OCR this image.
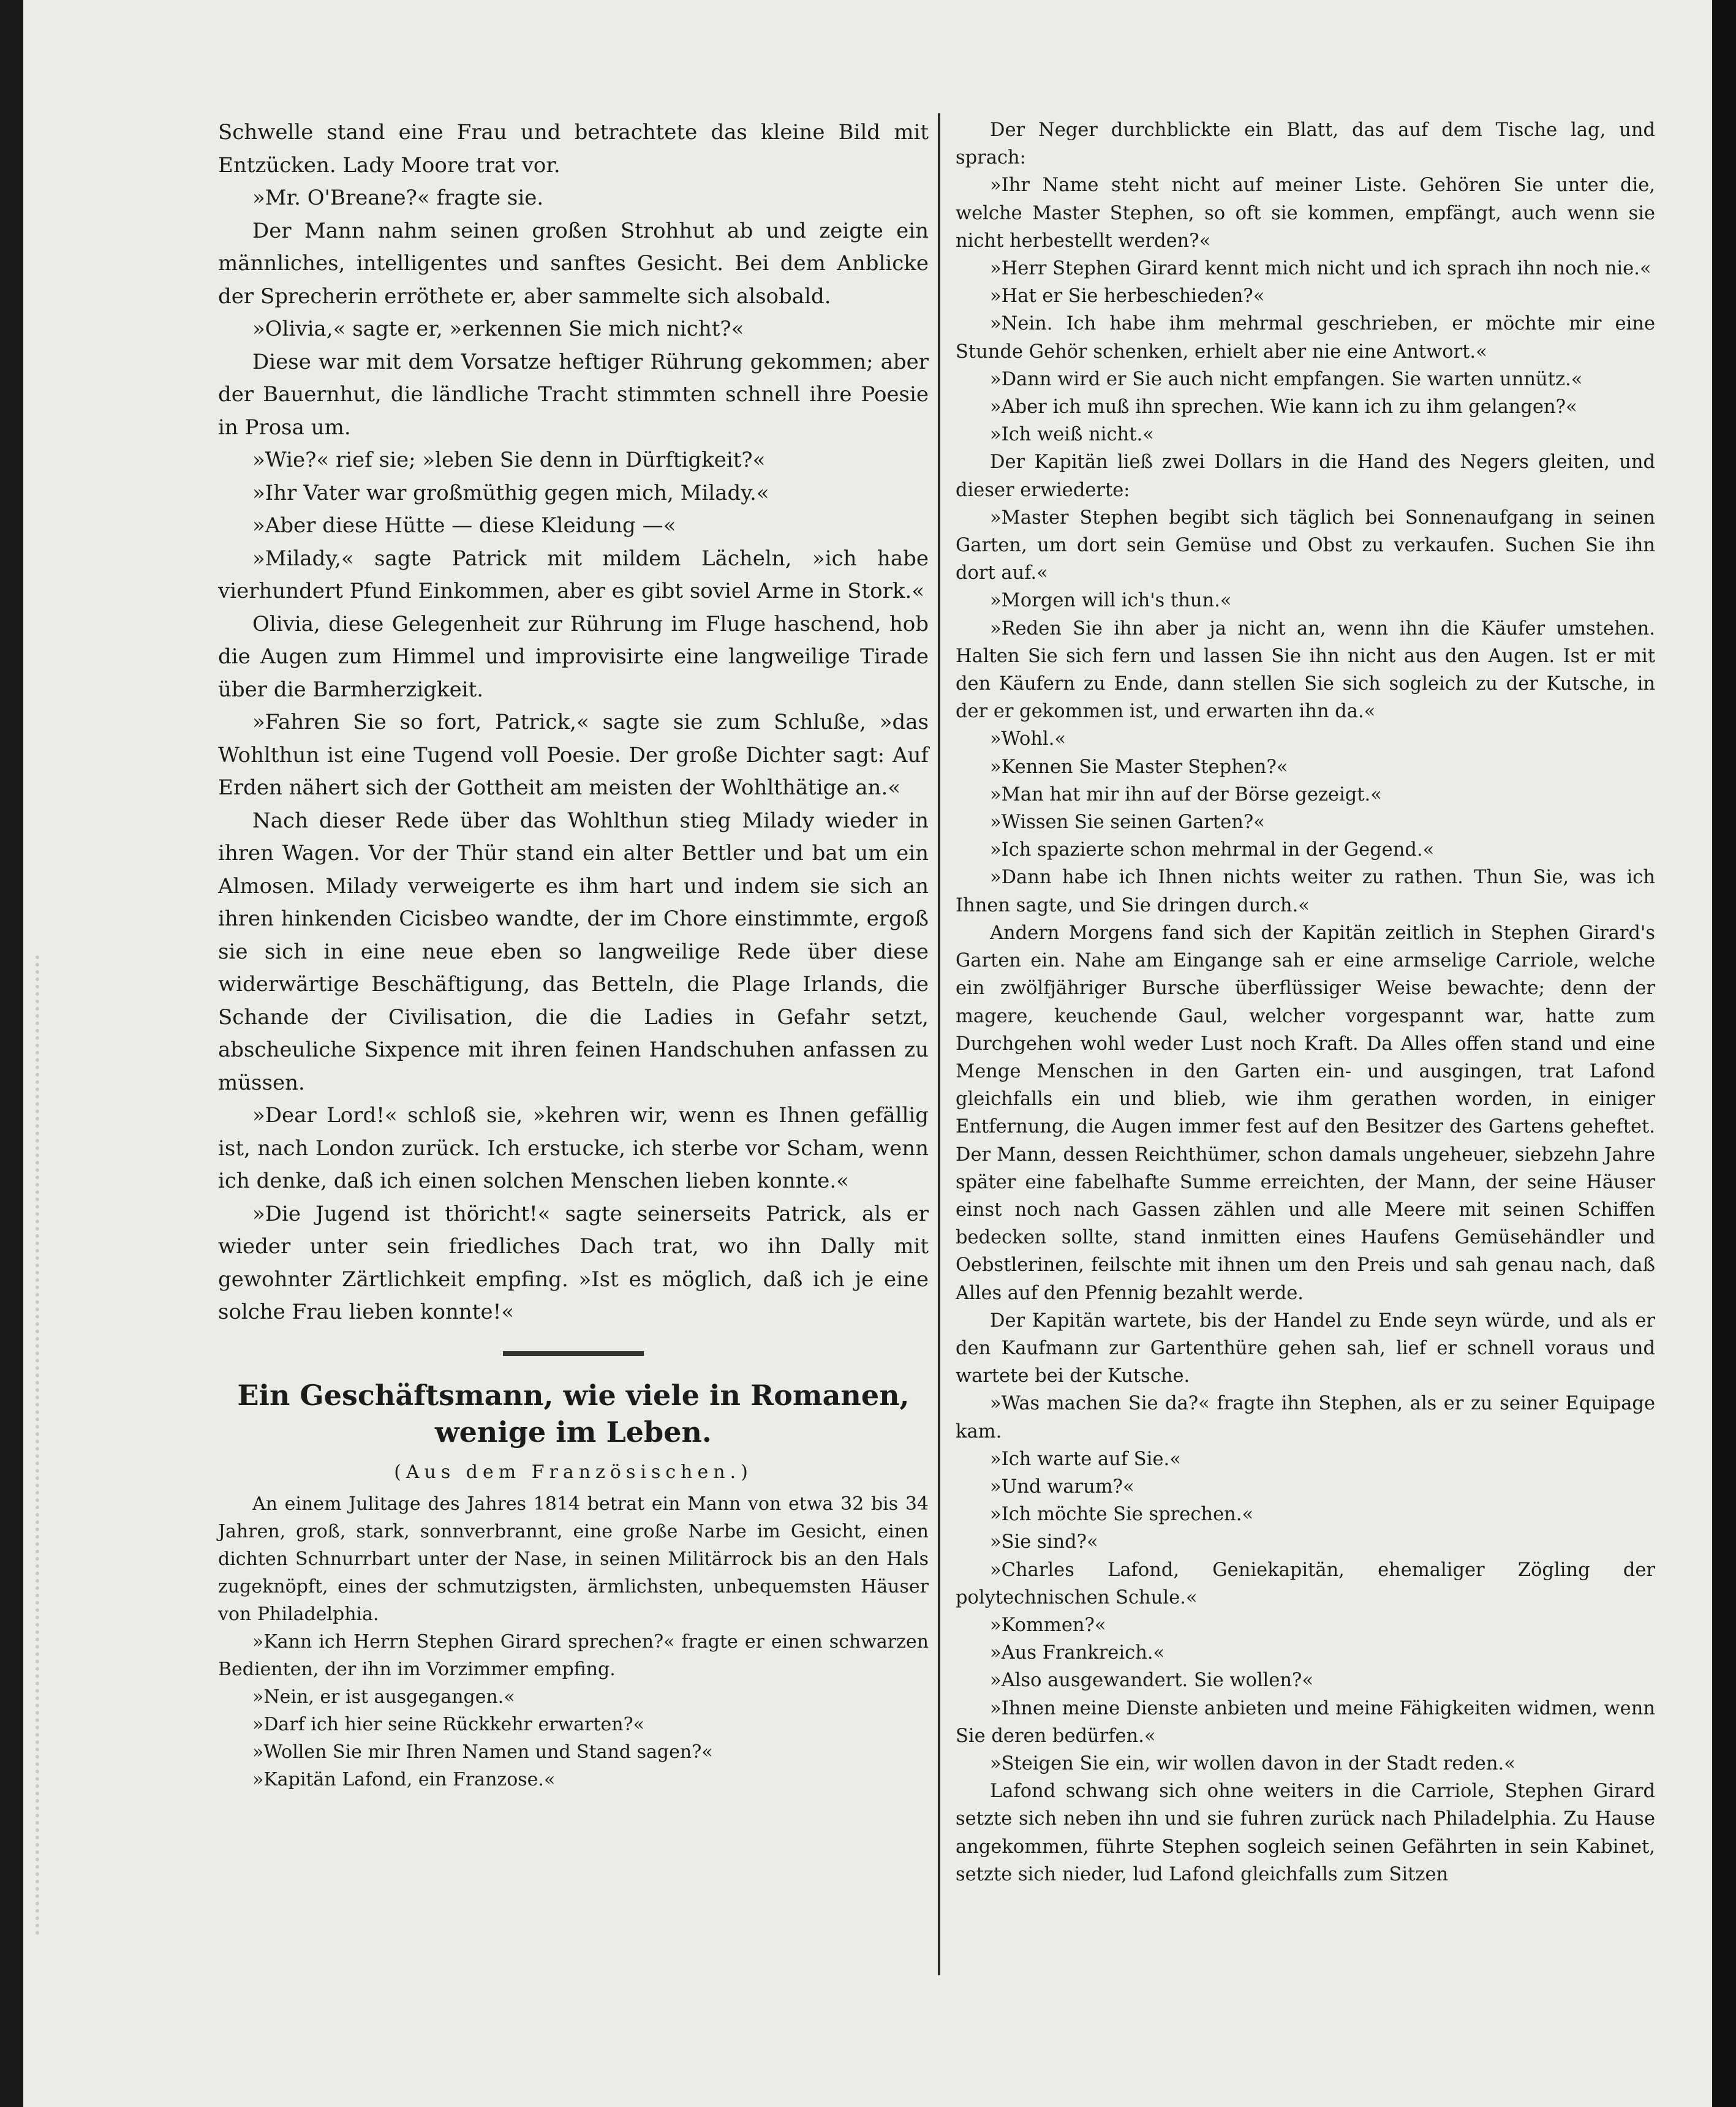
Schwelle stand eine Frau und betrachtete das kleine Bild mit Entzücken. Lady Moore trat vor.

»Mr. O'Breane?« fragte sie.

Der Mann nahm seinen großen Strohhut ab und zeigte ein männliches, intelligentes und sanftes Gesicht. Bei dem Anblicke der Sprecherin erröthete er, aber sammelte sich alsobald.

»Olivia,« sagte er, »erkennen Sie mich nicht?«

Diese war mit dem Vorsatze heftiger Rührung gekommen; aber der Bauernhut, die ländliche Tracht stimmten schnell ihre Poesie in Prosa um.

»Wie?« rief sie; »leben Sie denn in Dürftigkeit?«

»Ihr Vater war großmüthig gegen mich, Milady.«

»Aber diese Hütte — diese Kleidung —«

»Milady,« sagte Patrick mit mildem Lächeln, »ich habe vierhundert Pfund Einkommen, aber es gibt soviel Arme in Stork.«

Olivia, diese Gelegenheit zur Rührung im Fluge haschend, hob die Augen zum Himmel und improvisirte eine langweilige Tirade über die Barmherzigkeit.

»Fahren Sie so fort, Patrick,« sagte sie zum Schluße, »das Wohlthun ist eine Tugend voll Poesie. Der große Dichter sagt: Auf Erden nähert sich der Gottheit am meisten der Wohlthätige an.«

Nach dieser Rede über das Wohlthun stieg Milady wieder in ihren Wagen. Vor der Thür stand ein alter Bettler und bat um ein Almosen. Milady verweigerte es ihm hart und indem sie sich an ihren hinkenden Cicisbeo wandte, der im Chore einstimmte, ergoß sie sich in eine neue eben so langweilige Rede über diese widerwärtige Beschäftigung, das Betteln, die Plage Irlands, die Schande der Civilisation, die die Ladies in Gefahr setzt, abscheuliche Sixpence mit ihren feinen Handschuhen anfassen zu müssen.

»Dear Lord!« schloß sie, »kehren wir, wenn es Ihnen gefällig ist, nach London zurück. Ich erstucke, ich sterbe vor Scham, wenn ich denke, daß ich einen solchen Menschen lieben konnte.«

»Die Jugend ist thöricht!« sagte seinerseits Patrick, als er wieder unter sein friedliches Dach trat, wo ihn Dally mit gewohnter Zärtlichkeit empfing. »Ist es möglich, daß ich je eine solche Frau lieben konnte!«

Ein Geschäftsmann, wie viele in Romanen, wenige im Leben.

(Aus dem Französischen.)

An einem Julitage des Jahres 1814 betrat ein Mann von etwa 32 bis 34 Jahren, groß, stark, sonnverbrannt, eine große Narbe im Gesicht, einen dichten Schnurrbart unter der Nase, in seinen Militärrock bis an den Hals zugeknöpft, eines der schmutzigsten, ärmlichsten, unbequemsten Häuser von Philadelphia.

»Kann ich Herrn Stephen Girard sprechen?« fragte er einen schwarzen Bedienten, der ihn im Vorzimmer empfing.

»Nein, er ist ausgegangen.«

»Darf ich hier seine Rückkehr erwarten?«

»Wollen Sie mir Ihren Namen und Stand sagen?«

»Kapitän Lafond, ein Franzose.«

Der Neger durchblickte ein Blatt, das auf dem Tische lag, und sprach:

»Ihr Name steht nicht auf meiner Liste. Gehören Sie unter die, welche Master Stephen, so oft sie kommen, empfängt, auch wenn sie nicht herbestellt werden?«

»Herr Stephen Girard kennt mich nicht und ich sprach ihn noch nie.«

»Hat er Sie herbeschieden?«

»Nein. Ich habe ihm mehrmal geschrieben, er möchte mir eine Stunde Gehör schenken, erhielt aber nie eine Antwort.«

»Dann wird er Sie auch nicht empfangen. Sie warten unnütz.«

»Aber ich muß ihn sprechen. Wie kann ich zu ihm gelangen?«

»Ich weiß nicht.«

Der Kapitän ließ zwei Dollars in die Hand des Negers gleiten, und dieser erwiederte:

»Master Stephen begibt sich täglich bei Sonnenaufgang in seinen Garten, um dort sein Gemüse und Obst zu verkaufen. Suchen Sie ihn dort auf.«

»Morgen will ich's thun.«

»Reden Sie ihn aber ja nicht an, wenn ihn die Käufer umstehen. Halten Sie sich fern und lassen Sie ihn nicht aus den Augen. Ist er mit den Käufern zu Ende, dann stellen Sie sich sogleich zu der Kutsche, in der er gekommen ist, und erwarten ihn da.«

»Wohl.«

»Kennen Sie Master Stephen?«

»Man hat mir ihn auf der Börse gezeigt.«

»Wissen Sie seinen Garten?«

»Ich spazierte schon mehrmal in der Gegend.«

»Dann habe ich Ihnen nichts weiter zu rathen. Thun Sie, was ich Ihnen sagte, und Sie dringen durch.«

Andern Morgens fand sich der Kapitän zeitlich in Stephen Girard's Garten ein. Nahe am Eingange sah er eine armselige Carriole, welche ein zwölfjähriger Bursche überflüssiger Weise bewachte; denn der magere, keuchende Gaul, welcher vorgespannt war, hatte zum Durchgehen wohl weder Lust noch Kraft. Da Alles offen stand und eine Menge Menschen in den Garten ein- und ausgingen, trat Lafond gleichfalls ein und blieb, wie ihm gerathen worden, in einiger Entfernung, die Augen immer fest auf den Besitzer des Gartens geheftet. Der Mann, dessen Reichthümer, schon damals ungeheuer, siebzehn Jahre später eine fabelhafte Summe erreichten, der Mann, der seine Häuser einst noch nach Gassen zählen und alle Meere mit seinen Schiffen bedecken sollte, stand inmitten eines Haufens Gemüsehändler und Oebstlerinen, feilschte mit ihnen um den Preis und sah genau nach, daß Alles auf den Pfennig bezahlt werde.

Der Kapitän wartete, bis der Handel zu Ende seyn würde, und als er den Kaufmann zur Gartenthüre gehen sah, lief er schnell voraus und wartete bei der Kutsche.

»Was machen Sie da?« fragte ihn Stephen, als er zu seiner Equipage kam.

»Ich warte auf Sie.«

»Und warum?«

»Ich möchte Sie sprechen.«

»Sie sind?«

»Charles Lafond, Geniekapitän, ehemaliger Zögling der polytechnischen Schule.«

»Kommen?«

»Aus Frankreich.«

»Also ausgewandert. Sie wollen?«

»Ihnen meine Dienste anbieten und meine Fähigkeiten widmen, wenn Sie deren bedürfen.«

»Steigen Sie ein, wir wollen davon in der Stadt reden.«

Lafond schwang sich ohne weiters in die Carriole, Stephen Girard setzte sich neben ihn und sie fuhren zurück nach Philadelphia. Zu Hause angekommen, führte Stephen sogleich seinen Gefährten in sein Kabinet, setzte sich nieder, lud Lafond gleichfalls zum Sitzen
